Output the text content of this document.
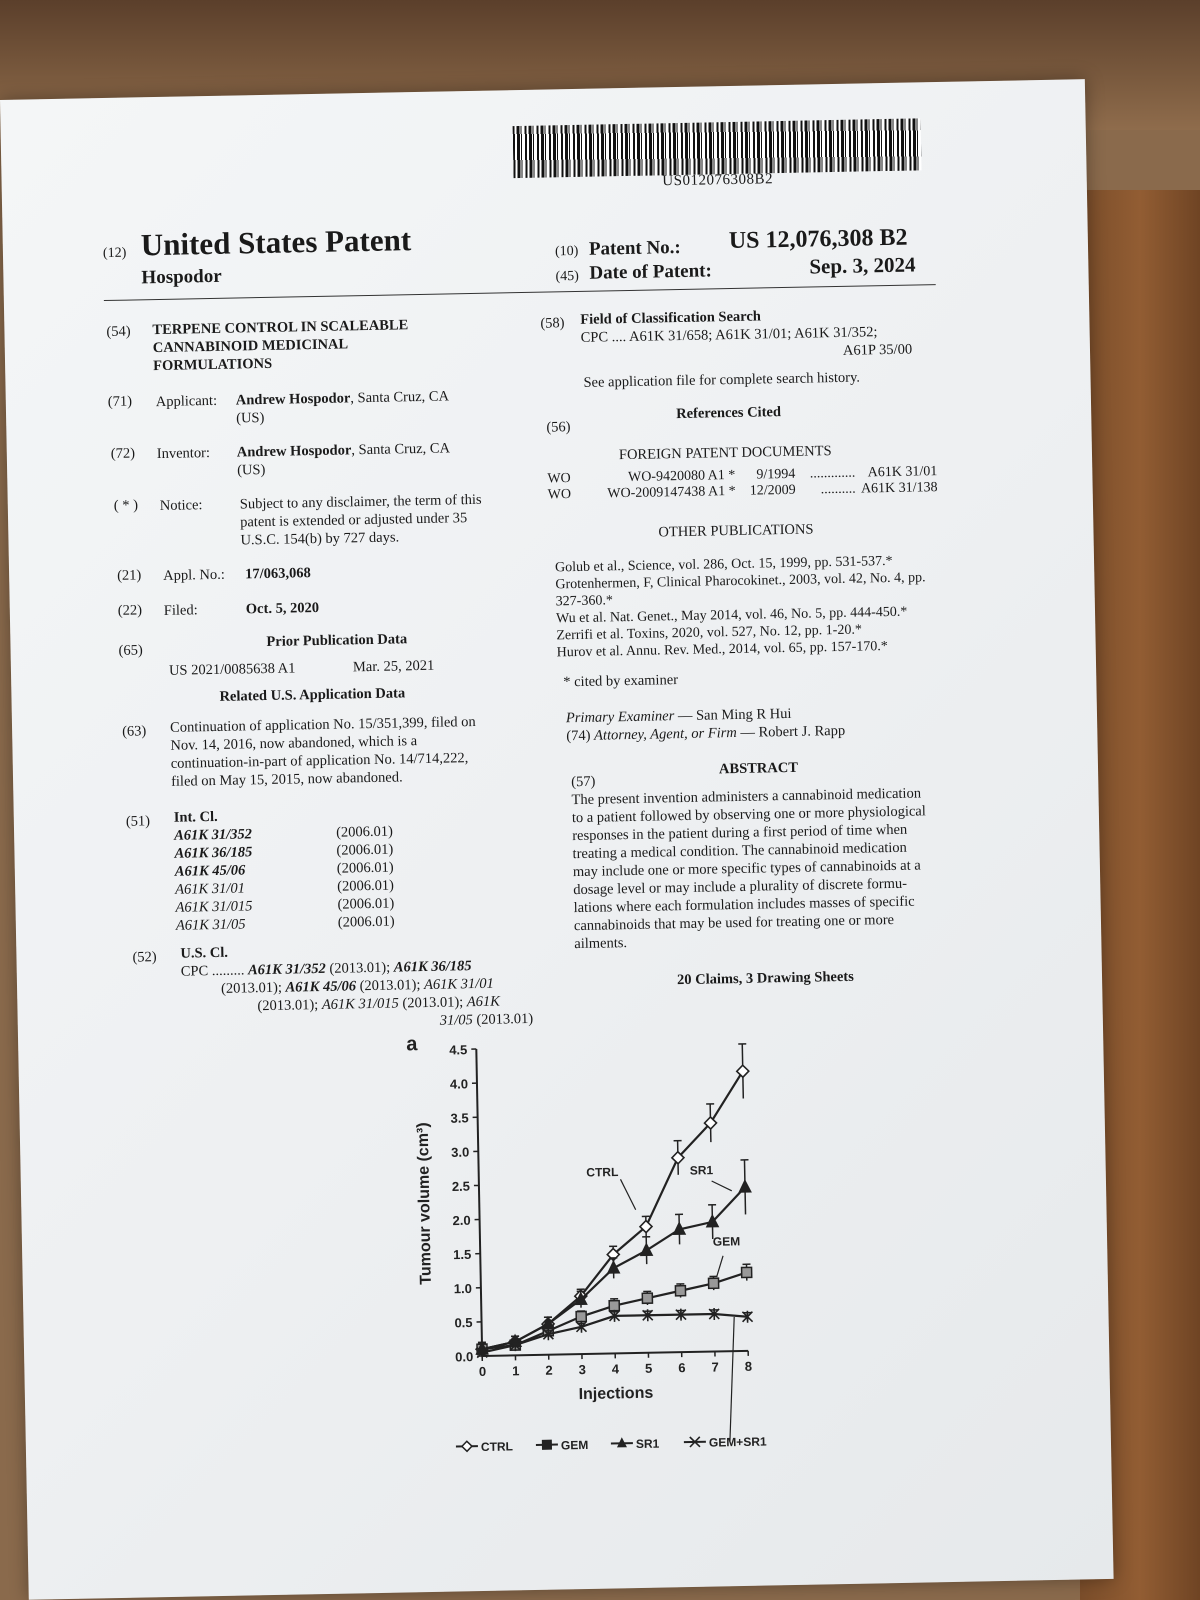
US012076308B2
(12) United States Patent
Hospodor
(10) Patent No.: US 12,076,308 B2
(45) Date of Patent:	Sep. 3, 2024
(54) TERPENE CONTROL IN SCALEABLE
CANNABINOID MEDICINAL
FORMULATIONS
(71) Applicant: Andrew Hospodor, Santa Cruz, CA
(US)
(72) Inventor: Andrew Hospodor, Santa Cruz, CA
(US)
( * ) Notice:	Subject to any disclaimer, the term of this
patent is extended or adjusted under 35
U.S.C. 154(b) by 727 days.
(21) Appl. No.: 17/063,068
(22) Filed:	Oct. 5, 2020
(65)
Prior Publication Data
US 2021/0085638 A1	Mar. 25, 2021
Related U.S. Application Data
(63) Continuation of application No. 15/351,399, filed on
Nov. 14, 2016, now abandoned, which is a
continuation-in-part of application No. 14/714,222,
filed on May 15, 2015, now abandoned.
(51) Int. Cl.
A61K 31/352	(2006.01)
A61K 36/185	(2006.01)
A61K 45/06	(2006.01)
A61K 31/01	(2006.01)
A61K 31/015	(2006.01)
A61K 31/05	(2006.01)
(52) U.S. Cl.
CPC ......... A61K 31/352 (2013.01); A61K 36/185
(2013.01); A61K 45/06 (2013.01); A61K 31/01
(2013.01); A61K 31/015 (2013.01); A61K
31/05 (2013.01)
(58) Field of Classification Search
CPC .... A61K 31/658; A61K 31/01; A61K 31/352;
A61P 35/00
See application file for complete search history.
(56)
References Cited
FOREIGN PATENT DOCUMENTS
WO	WO-9420080 A1 *	9/1994	............. A61K 31/01
WO	WO-2009147438 A1 * 12/2009	.......... A61K 31/138
OTHER PUBLICATIONS
Golub et al., Science, vol. 286, Oct. 15, 1999, pp. 531-537.*
Grotenhermen, F, Clinical Pharocokinet., 2003, vol. 42, No. 4, pp.
327-360.*
Wu et al. Nat. Genet., May 2014, vol. 46, No. 5, pp. 444-450.*
Zerrifi et al. Toxins, 2020, vol. 527, No. 12, pp. 1-20.*
Hurov et al. Annu. Rev. Med., 2014, vol. 65, pp. 157-170.*
* cited by examiner
Primary Examiner — San Ming R Hui
(74) Attorney, Agent, or Firm — Robert J. Rapp
(57)
ABSTRACT
The present invention administers a cannabinoid medication
to a patient followed by observing one or more physiological
responses in the patient during a first period of time when
treating a medical condition. The cannabinoid medication
may include one or more specific types of cannabinoids at a
dosage level or may include a plurality of discrete formu-
lations where each formulation includes masses of specific
cannabinoids that may be used for treating one or more
ailments.
20 Claims, 3 Drawing Sheets
0.0
0.5
1.0
1.5
2.0
2.5
3.0
3.5
4.0
4.5
0 1 2 3 4 5 6 7 8
a
Injections
Tumour volume (cm³)	CTRL
GEM
SR1
CTRL	GEM	SR1	GEM+SR1
